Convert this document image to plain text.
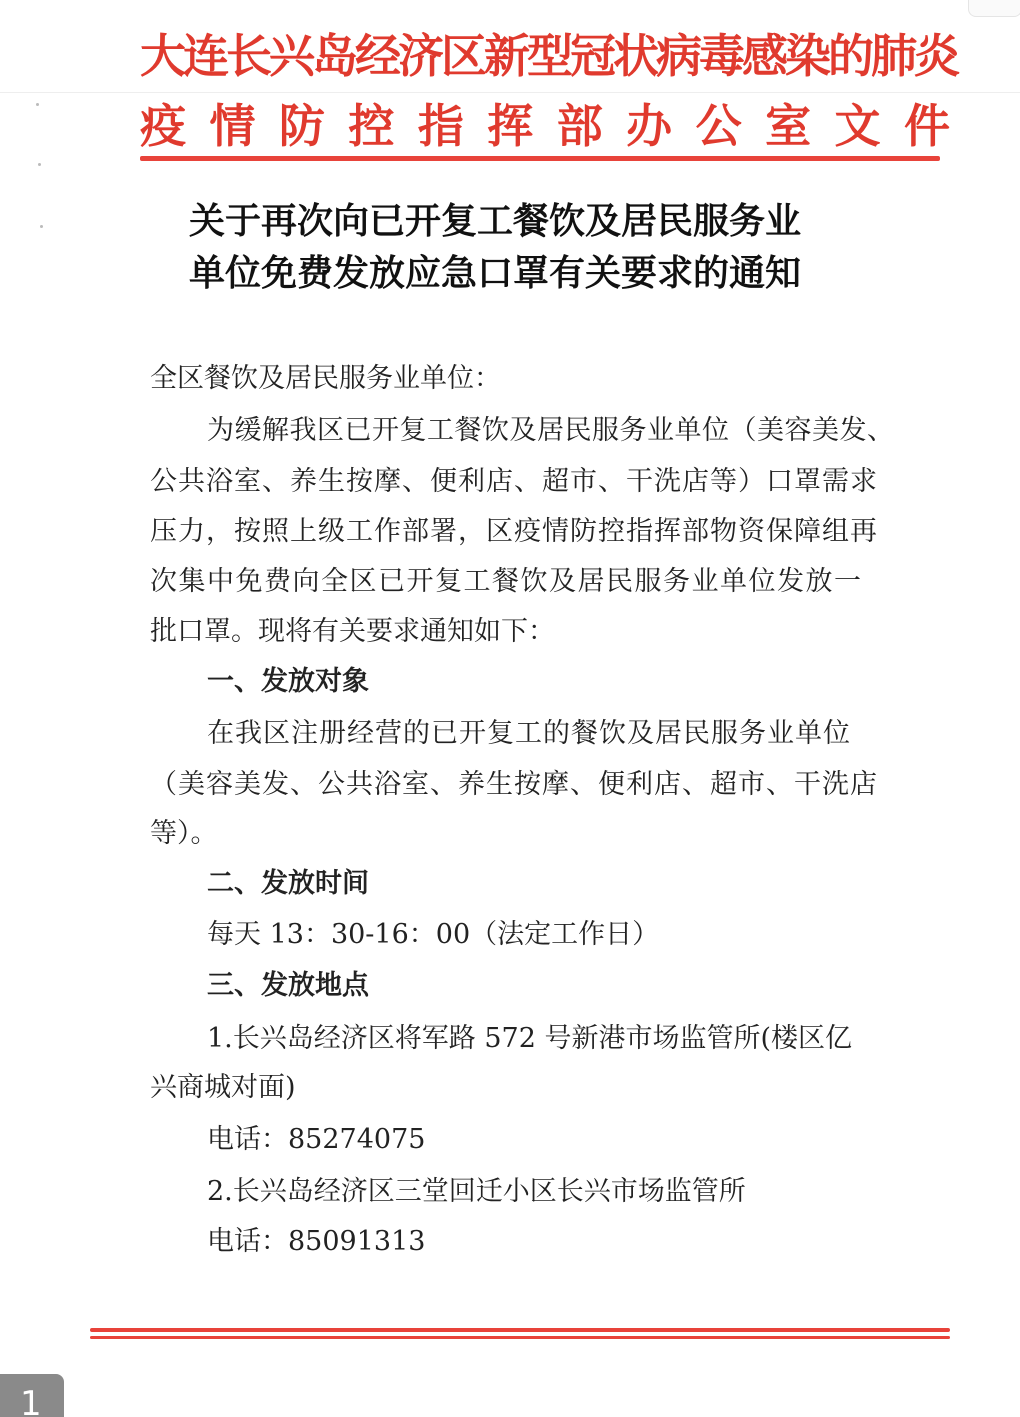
大连长兴岛经济区新型冠状病毒感染的肺炎
疫情防控指挥部办公室文件
关于再次向已开复工餐饮及居民服务业
单位免费发放应急口罩有关要求的通知
全区餐饮及居民服务业单位：
为缓解我区已开复工餐饮及居民服务业单位（美容美发、
公共浴室、养生按摩、便利店、超市、干洗店等）口罩需求
压力，按照上级工作部署，区疫情防控指挥部物资保障组再
次集中免费向全区已开复工餐饮及居民服务业单位发放一
批口罩。现将有关要求通知如下：
一、发放对象
在我区注册经营的已开复工的餐饮及居民服务业单位
（美容美发、公共浴室、养生按摩、便利店、超市、干洗店
等）。
二、发放时间
每天 13：30-16：00（法定工作日）
三、发放地点
1.长兴岛经济区将军路 572 号新港市场监管所(楼区亿
兴商城对面)
电话：85274075
2.长兴岛经济区三堂回迁小区长兴市场监管所
电话：85091313
1
